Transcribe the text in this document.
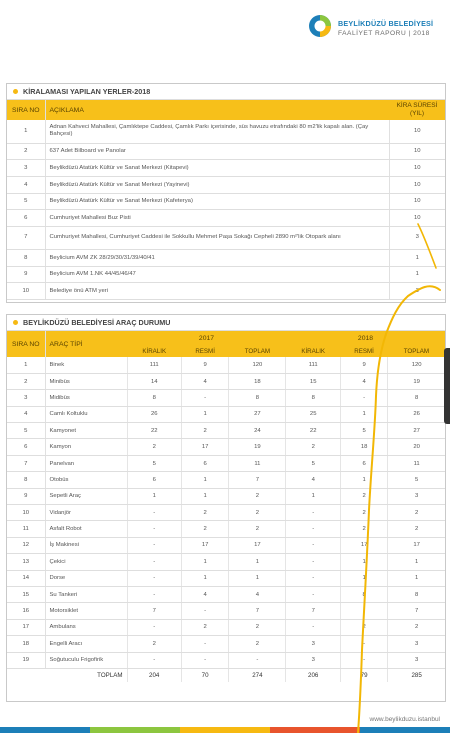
BEYLİKDÜZÜ BELEDİYESİ
FAALİYET RAPORU | 2018
KİRALAMASI YAPILAN YERLER-2018
SIRA NO	AÇIKLAMA	KİRA SÜRESİ
(YIL)
1	Adnan Kahveci Mahallesi, Çamlıktepe Caddesi, Çamlık Parkı içerisinde, süs havuzu etrafındaki 80 m2'lik kapalı alan. (Çay Bahçesi)	10
2	637 Adet Bilboard ve Panolar	10
3	Beylikdüzü Atatürk Kültür ve Sanat Merkezi (Kitapevi)	10
4	Beylikdüzü Atatürk Kültür ve Sanat Merkezi (Yayinevi)	10
5	Beylikdüzü Atatürk Kültür ve Sanat Merkezi (Kafeterya)	10
6	Cumhuriyet Mahallesi Buz Pisti	10
7	Cumhuriyet Mahallesi, Cumhuriyet Caddesi ile Sokkullu Mehmet Paşa Sokağı Cepheli 2890 m²'lik Otopark alanı	3
8	Beylicium AVM ZK 28/29/30/31/39/40/41	1
9	Beylicium AVM 1.NK 44/45/46/47	1
10	Belediye önü ATM yeri	3
BEYLİKDÜZÜ BELEDİYESİ ARAÇ DURUMU
SIRA NO	ARAÇ TİPİ	2017			2018		
		KİRALIK	RESMİ	TOPLAM	KİRALIK	RESMİ	TOPLAM
1	Binek	111	9	120	111	9	120
2	Minibüs	14	4	18	15	4	19
3	Midibüs	8	-	8	8	-	8
4	Camlı Koltuklu	26	1	27	25	1	26
5	Kamyonet	22	2	24	22	5	27
6	Kamyon	2	17	19	2	18	20
7	Panelvan	5	6	11	5	6	11
8	Otobüs	6	1	7	4	1	5
9	Sepetli Araç	1	1	2	1	2	3
10	Vidanjör	-	2	2	-	2	2
11	Asfalt Robot	-	2	2	-	2	2
12	İş Makinesi	-	17	17	-	17	17
13	Çekici	-	1	1	-	1	1
14	Dorse	-	1	1	-	1	1
15	Su Tankeri	-	4	4	-	8	8
16	Motorsiklet	7	-	7	7	-	7
17	Ambulans	-	2	2	-	2	2
18	Engelli Aracı	2	-	2	3	-	3
19	Soğutuculu Frigofirik	-	-	-	3	-	3
	TOPLAM	204	70	274	206	79	285
www.beylikduzu.istanbul
